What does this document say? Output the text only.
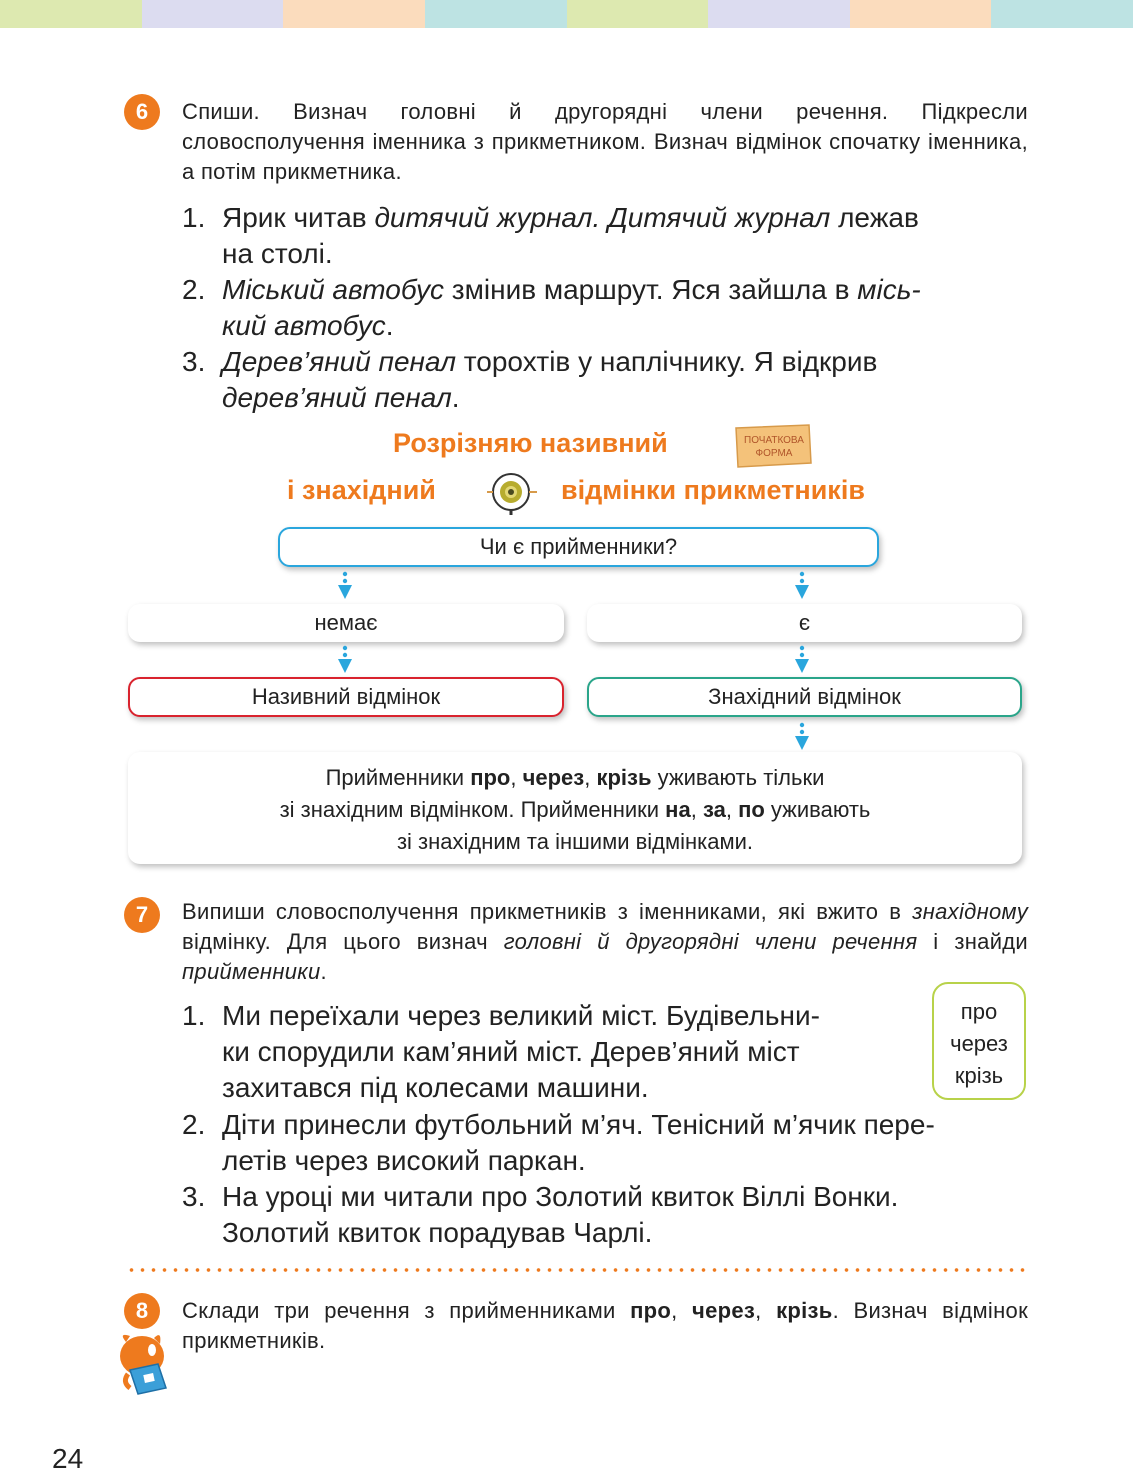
6	Спиши. Визнач головні й другорядні члени речення. Підкресли словосполучення іменника з прикметником. Визнач відмінок спочатку іменника, а потім прикметника.
1. Ярик читав дитячий журнал. Дитячий журнал лежав
на столі.
2. Міський автобус змінив маршрут. Яся зайшла в місь-
кий автобус.
3. Дерев’яний пенал торохтів у наплічнику. Я відкрив
дерев’яний пенал.
Розрізняю називний	ПОЧАТКОВА
ФОРМА
і знахідний	відмінки прикметників
Чи є прийменники?
немає	є
Називний відмінок	Знахідний відмінок
Прийменники про, через, крізь уживають тільки
зі знахідним відмінком. Прийменники на, за, по уживають
зі знахідним та іншими відмінками.
7	Випиши словосполучення прикметників з іменниками, які вжито в знахідному відмінку. Для цього визнач головні й другорядні члени речення і знайди прийменники.
1. Ми переїхали через великий міст. Будівельни-
ки спорудили кам’яний міст. Дерев’яний міст
захитався під колесами машини.
2. Діти принесли футбольний м’яч. Тенісний м’ячик пере-
летів через високий паркан.
3. На уроці ми читали про Золотий квиток Віллі Вонки.
Золотий квиток порадував Чарлі.
про
через
крізь
8	Склади три речення з прийменниками про, через, крізь. Визнач відмінок прикметників.
24
